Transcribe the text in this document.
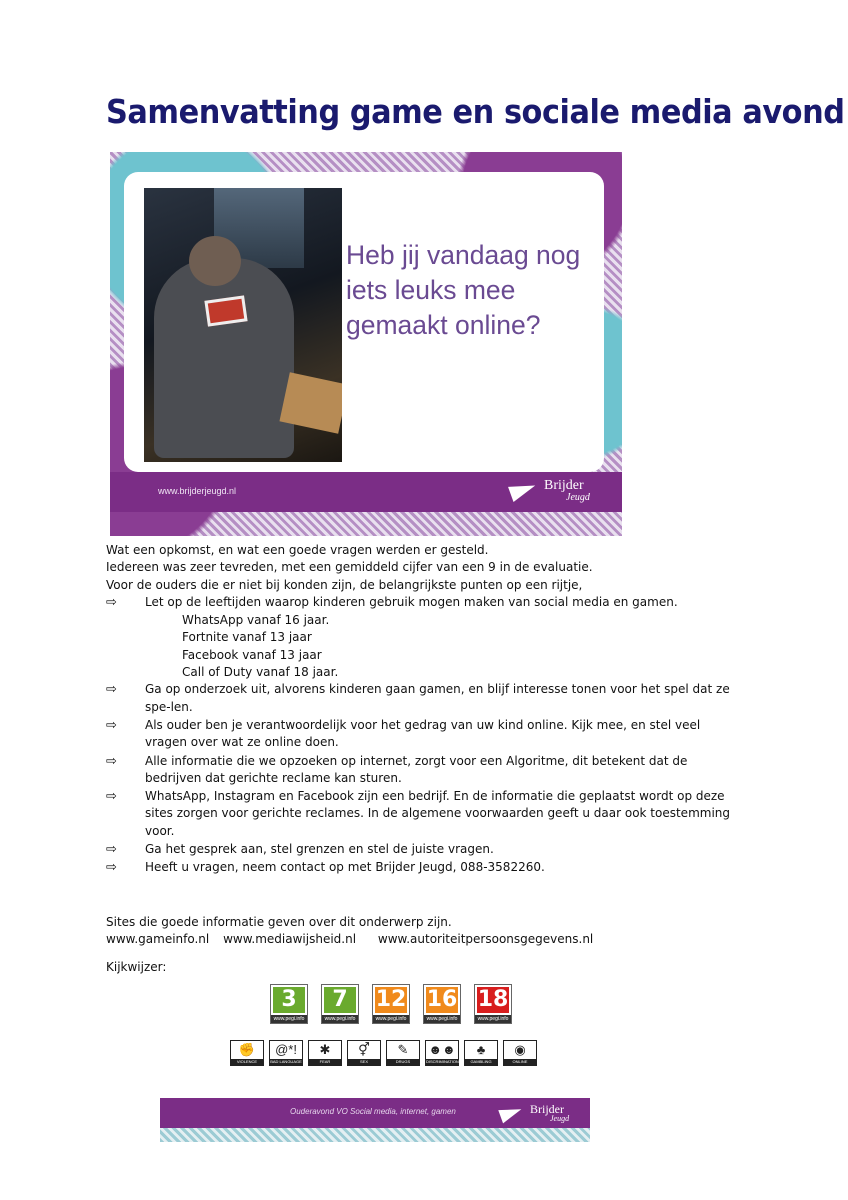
Samenvatting game en sociale media avond
Heb jij vandaag nog iets leuks mee gemaakt online?
www.brijderjeugd.nl	Brijder
Jeugd

Wat een opkomst, en wat een goede vragen werden er gesteld.

Iedereen was zeer tevreden, met een gemiddeld cijfer van een 9 in de evaluatie.

Voor de ouders die er niet bij konden zijn, de belangrijkste punten op een rijtje,

⇨	Let op de leeftijden waarop kinderen gebruik mogen maken van social media en gamen.

WhatsApp vanaf 16 jaar.

Fortnite vanaf 13 jaar

Facebook vanaf 13 jaar

Call of Duty vanaf 18 jaar.

⇨	Ga op onderzoek uit, alvorens kinderen gaan gamen, en blijf interesse tonen voor het spel dat ze spe-len.
⇨	Als ouder ben je verantwoordelijk voor het gedrag van uw kind online. Kijk mee, en stel veel vragen over wat ze online doen.
⇨	Alle informatie die we opzoeken op internet, zorgt voor een Algoritme, dit betekent dat de bedrijven dat gerichte reclame kan sturen.
⇨	WhatsApp, Instagram en Facebook zijn een bedrijf. En de informatie die geplaatst wordt op deze sites zorgen voor gerichte reclames. In de algemene voorwaarden geeft u daar ook toestemming voor.
⇨	Ga het gesprek aan, stel grenzen en stel de juiste vragen.
⇨	Heeft u vragen, neem contact op met Brijder Jeugd, 088-3582260.

Sites die goede informatie geven over dit onderwerp zijn.

www.gameinfo.nl www.mediawijsheid.nl www.autoriteitpersoonsgegevens.nl

Kijkwijzer:

3
www.pegi.info
7
www.pegi.info
12
www.pegi.info
16
www.pegi.info
18
www.pegi.info
✊
VIOLENCE
@*!
BAD LANGUAGE
✱
FEAR
⚥
SEX
✎
DRUGS
☻☻
DISCRIMINATION
♣
GAMBLING
◉
ONLINE
Ouderavond VO Social media, internet, gamen	Brijder
Jeugd
